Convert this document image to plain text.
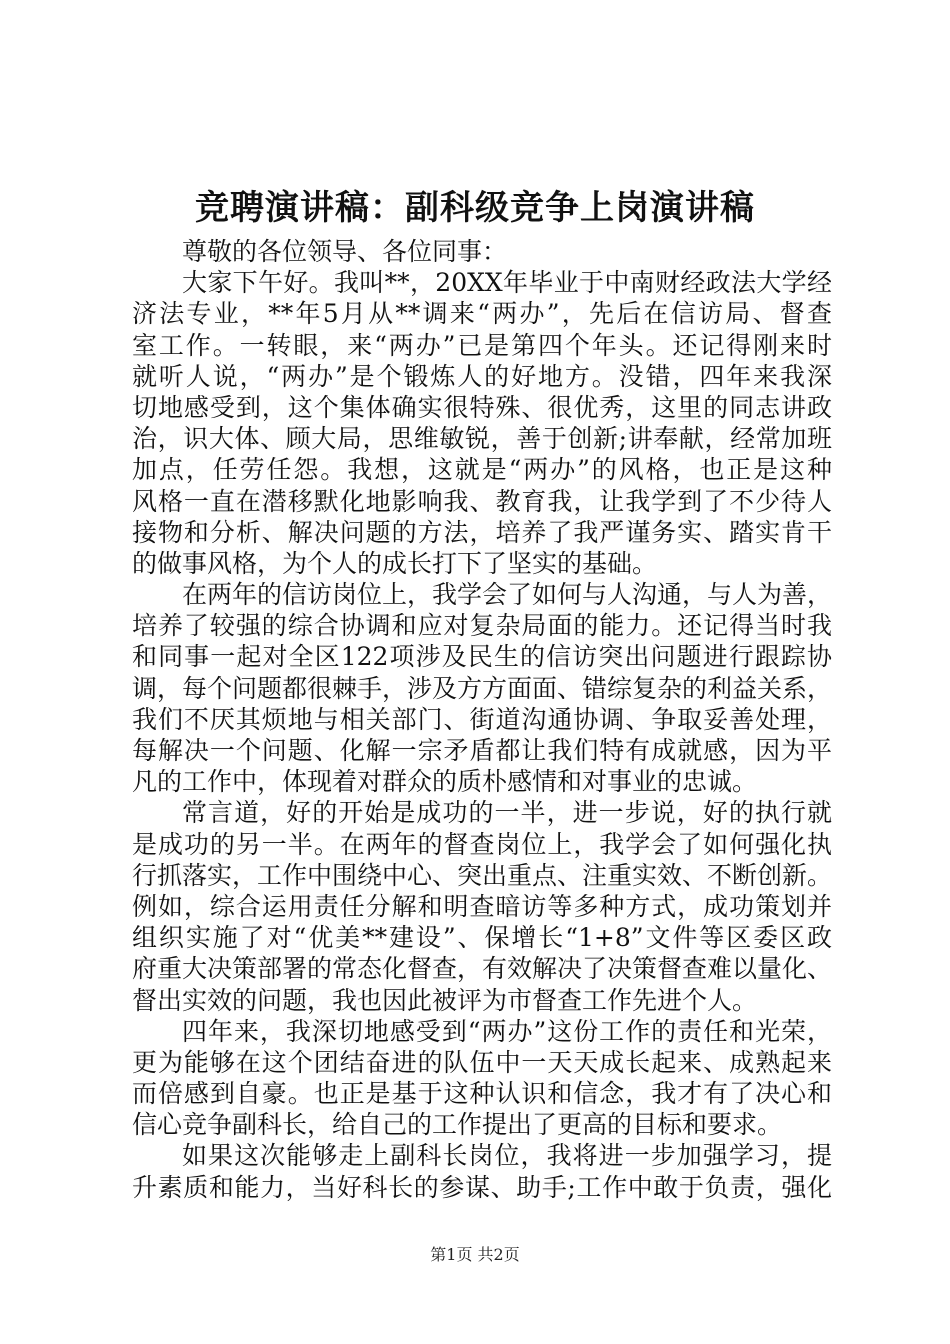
竞聘演讲稿：副科级竞争上岗演讲稿
尊敬的各位领导、各位同事：
大家下午好。我叫**，20XX年毕业于中南财经政法大学经
济法专业，**年5月从**调来“两办”，先后在信访局、督查
室工作。一转眼，来“两办”已是第四个年头。还记得刚来时
就听人说，“两办”是个锻炼人的好地方。没错，四年来我深
切地感受到，这个集体确实很特殊、很优秀，这里的同志讲政
治，识大体、顾大局，思维敏锐，善于创新;讲奉献，经常加班
加点，任劳任怨。我想，这就是“两办”的风格，也正是这种
风格一直在潜移默化地影响我、教育我，让我学到了不少待人
接物和分析、解决问题的方法，培养了我严谨务实、踏实肯干
的做事风格，为个人的成长打下了坚实的基础。
在两年的信访岗位上，我学会了如何与人沟通，与人为善，
培养了较强的综合协调和应对复杂局面的能力。还记得当时我
和同事一起对全区122项涉及民生的信访突出问题进行跟踪协
调，每个问题都很棘手，涉及方方面面、错综复杂的利益关系，
我们不厌其烦地与相关部门、街道沟通协调、争取妥善处理，
每解决一个问题、化解一宗矛盾都让我们特有成就感，因为平
凡的工作中，体现着对群众的质朴感情和对事业的忠诚。
常言道，好的开始是成功的一半，进一步说，好的执行就
是成功的另一半。在两年的督查岗位上，我学会了如何强化执
行抓落实，工作中围绕中心、突出重点、注重实效、不断创新。
例如，综合运用责任分解和明查暗访等多种方式，成功策划并
组织实施了对“优美**建设”、保增长“1+8”文件等区委区政
府重大决策部署的常态化督查，有效解决了决策督查难以量化、
督出实效的问题，我也因此被评为市督查工作先进个人。
四年来，我深切地感受到“两办”这份工作的责任和光荣，
更为能够在这个团结奋进的队伍中一天天成长起来、成熟起来
而倍感到自豪。也正是基于这种认识和信念，我才有了决心和
信心竞争副科长，给自己的工作提出了更高的目标和要求。
如果这次能够走上副科长岗位，我将进一步加强学习，提
升素质和能力，当好科长的参谋、助手;工作中敢于负责，强化
第1页 共2页
